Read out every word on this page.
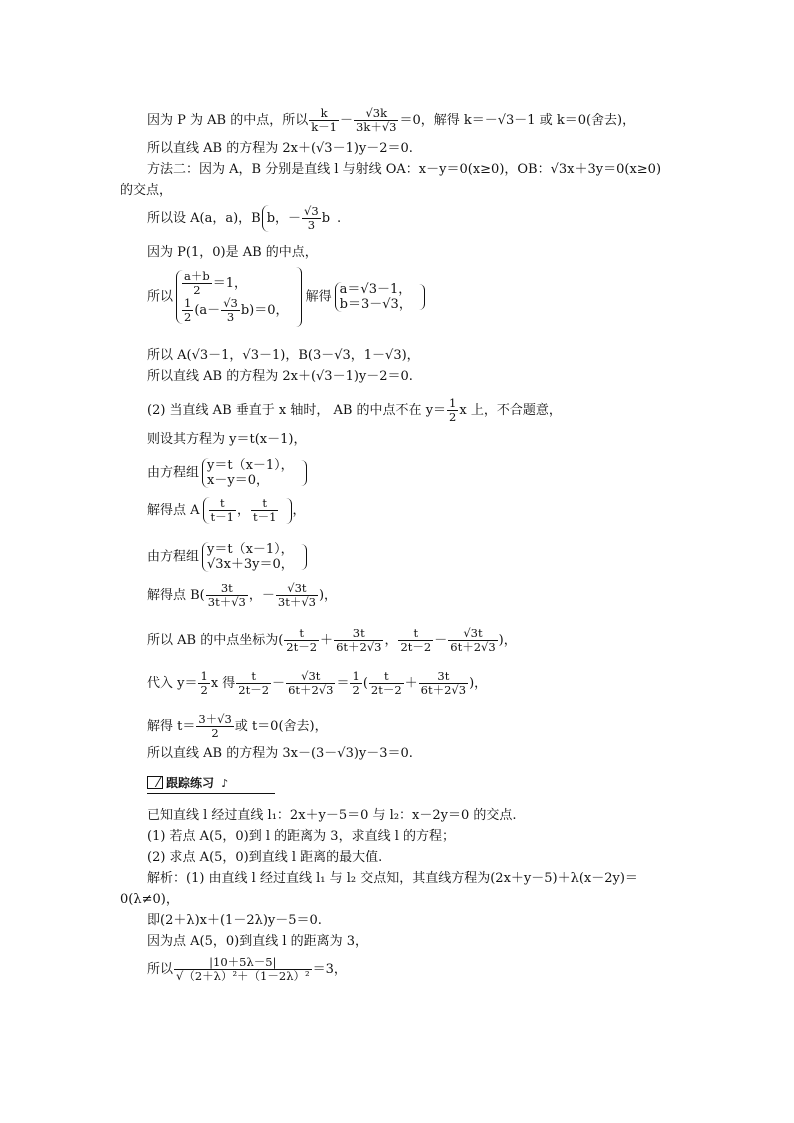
因为 P 为 AB 的中点，所以 $\frac{k}{k-1} - \frac{√3k}{3k+√3} =0$，解得 k＝－√3－1 或 k＝0(舍去)，
所以直线 AB 的方程为 2x＋(√3－1)y－2＝0.
方法二：因为 A，B 分别是直线 l 与射线 OA：x－y＝0(x≥0)，OB：√3x＋3y＝0(x≥0)
的交点，
所以设 A(a，a)，B b，－ $\frac{√3}{3}$ b .
因为 P(1，0)是 AB 的中点，
所以 $\frac{a+b}{2} =1$，
$\frac{1}{2} (a- \frac{√3}{3} b)=0$，
解得 a＝√3－1，
b＝3－√3，
所以 A(√3－1，√3－1)，B(3－√3，1－√3)，
所以直线 AB 的方程为 2x＋(√3－1)y－2＝0.
(2) 当直线 AB 垂直于 x 轴时， AB 的中点不在 $y= \frac{1}{2}$ x 上，不合题意，
则设其方程为 y＝t(x－1)，
由方程组 y＝t（x－1），
x－y＝0，
解得点 A $\frac{t}{t-1}$ ， $\frac{t}{t-1}$ ，
由方程组 y＝t（x－1），
√3x＋3y＝0，
解得点 $B( \frac{3t}{3t+√3}$ ，－ $\frac{√3t}{3t+√3}$ )，
所以 AB 的中点坐标为( $\frac{t}{2t-2} + \frac{3t}{6t+2√3}$ ， $\frac{t}{2t-2} - \frac{√3t}{6t+2√3}$ )，
代入 $y= \frac{1}{2}$ x 得 $\frac{t}{2t-2} - \frac{√3t}{6t+2√3} = \frac{1}{2}$ ( $\frac{t}{2t-2} + \frac{3t}{6t+2√3}$ )，
解得 $t= \frac{3+√3}{2}$ 或 t＝0(舍去)，
所以直线 AB 的方程为 3x－(3－√3)y－3＝0.
跟踪练习 ♪
已知直线 l 经过直线 l₁：2x＋y－5＝0 与 l₂：x－2y＝0 的交点.
(1) 若点 A(5，0)到 l 的距离为 3，求直线 l 的方程；
(2) 求点 A(5，0)到直线 l 距离的最大值.
解析：(1) 由直线 l 经过直线 l₁ 与 l₂ 交点知，其直线方程为(2x＋y－5)＋λ(x－2y)＝
0(λ≠0)，
即(2＋λ)x＋(1－2λ)y－5＝0.
因为点 A(5，0)到直线 l 的距离为 3，
所以 $\frac{|10+5\lambda-5|}{\text{√（2＋λ）²＋（1－2λ）²}} =3$，
